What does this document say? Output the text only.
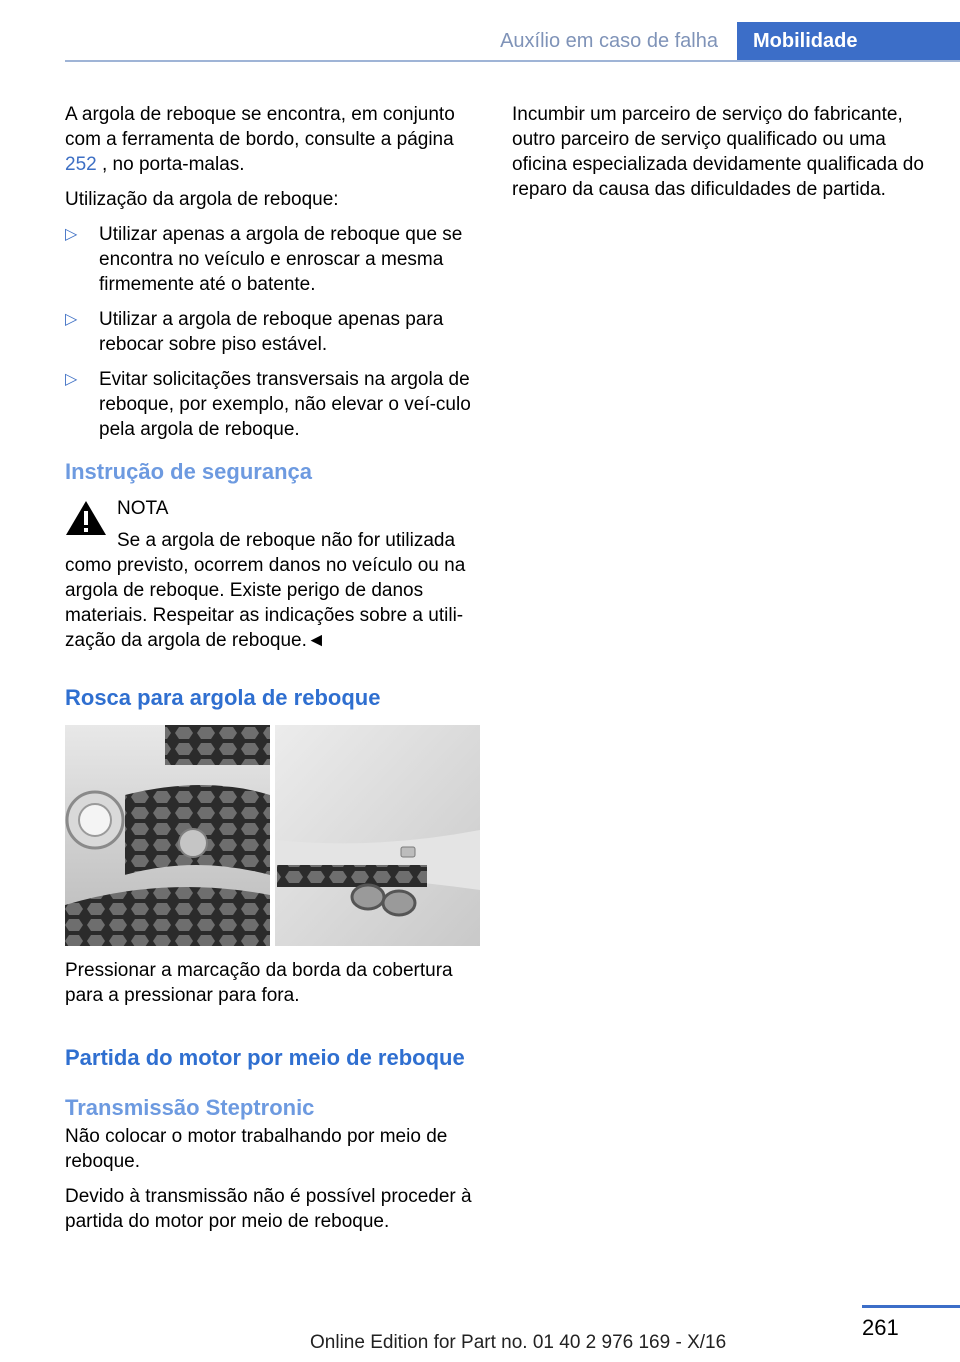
Auxílio em caso de falha	Mobilidade

A argola de reboque se encontra, em conjunto com a ferramenta de bordo, consulte a página 252 , no porta-malas.

Utilização da argola de reboque:

▷ Utilizar apenas a argola de reboque que se encontra no veículo e enroscar a mesma firmemente até o batente.
▷ Utilizar a argola de reboque apenas para rebocar sobre piso estável.
▷ Evitar solicitações transversais na argola de reboque, por exemplo, não elevar o veí‐culo pela argola de reboque.
Instrução de segurança
NOTA
Se a argola de reboque não for utilizada
como previsto, ocorrem danos no veículo ou na argola de reboque. Existe perigo de danos materiais. Respeitar as indicações sobre a utili‐zação da argola de reboque.◄
Rosca para argola de reboque

Pressionar a marcação da borda da cobertura para a pressionar para fora.

Partida do motor por meio de reboque
Transmissão Steptronic

Não colocar o motor trabalhando por meio de reboque.

Devido à transmissão não é possível proceder à partida do motor por meio de reboque.

Incumbir um parceiro de serviço do fabricante, outro parceiro de serviço qualificado ou uma oficina especializada devidamente qualificada do reparo da causa das dificuldades de partida.

261
Online Edition for Part no. 01 40 2 976 169 - X/16
